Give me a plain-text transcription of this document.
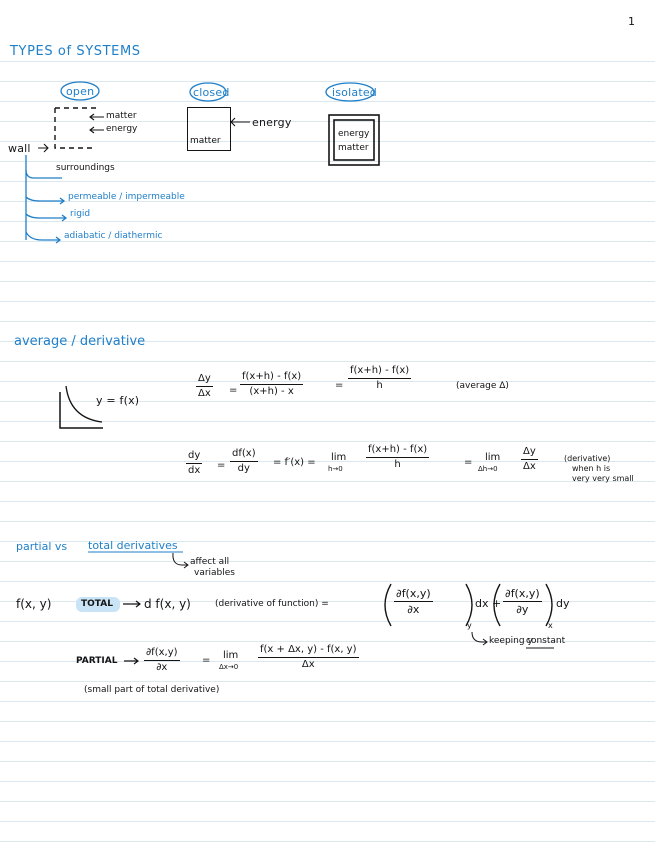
1
TYPES of SYSTEMS
open	closed	isolated
matter
energy
wall
surroundings
matter
energy
energy
matter
permeable / impermeable
rigid
adiabatic / diathermic
average / derivative
y = f(x)
Δy
Δx =
f(x+h) - f(x)
(x+h) - x
=
f(x+h) - f(x)
h	(average Δ)
dy
dx =
df(x)
dy
= f′(x) = lim
h→0
f(x+h) - f(x)
h	= lim
Δh→0
Δy
Δx
(derivative)
when h is
very very small
partial vs total derivatives
affect all
variables
f(x, y)	TOTAL	d f(x, y)	(derivative of function) =
∂f(x,y)
∂x	dx +
y
∂f(x,y)
∂y	dy
x
keeping y
constant
PARTIAL
∂f(x,y)
∂x
= lim
Δx→0
f(x + Δx, y) - f(x, y)
Δx
(small part of total derivative)
